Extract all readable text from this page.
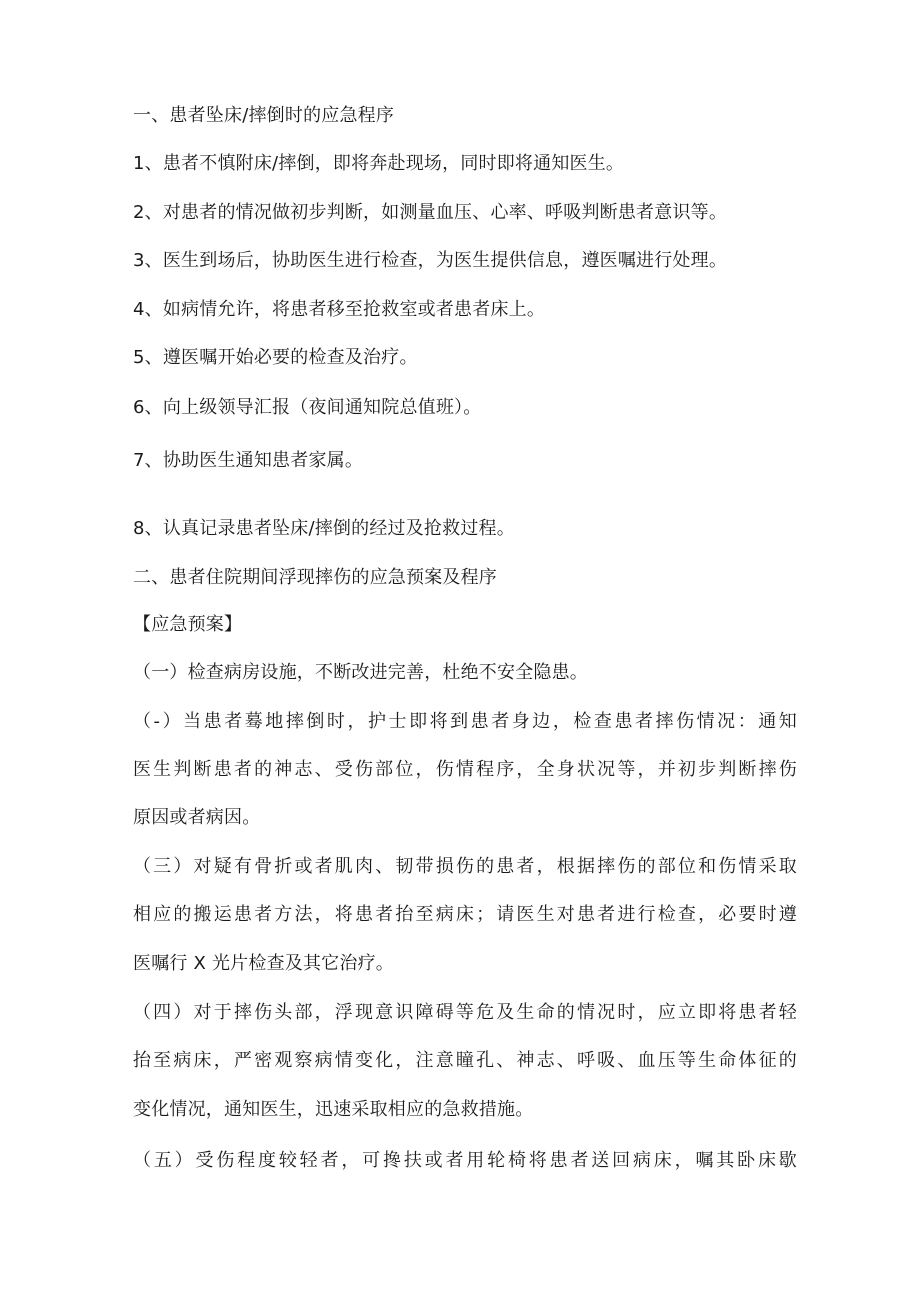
一、患者坠床/摔倒时的应急程序
1、患者不慎附床/摔倒，即将奔赴现场，同时即将通知医生。
2、对患者的情况做初步判断，如测量血压、心率、呼吸判断患者意识等。
3、医生到场后，协助医生进行检查，为医生提供信息，遵医嘱进行处理。
4、如病情允许，将患者移至抢救室或者患者床上。
5、遵医嘱开始必要的检查及治疗。
6、向上级领导汇报（夜间通知院总值班）。
7、协助医生通知患者家属。
8、认真记录患者坠床/摔倒的经过及抢救过程。
二、患者住院期间浮现摔伤的应急预案及程序
【应急预案】
（一）检查病房设施，不断改进完善，杜绝不安全隐患。
（-）当患者蓦地摔倒时，护士即将到患者身边，检查患者摔伤情况：通知
医生判断患者的神志、受伤部位，伤情程序，全身状况等，并初步判断摔伤
原因或者病因。
（三）对疑有骨折或者肌肉、韧带损伤的患者，根据摔伤的部位和伤情采取
相应的搬运患者方法，将患者抬至病床；请医生对患者进行检查，必要时遵
医嘱行 X 光片检查及其它治疗。
（四）对于摔伤头部，浮现意识障碍等危及生命的情况时，应立即将患者轻
抬至病床，严密观察病情变化，注意瞳孔、神志、呼吸、血压等生命体征的
变化情况，通知医生，迅速采取相应的急救措施。
（五）受伤程度较轻者，可搀扶或者用轮椅将患者送回病床，嘱其卧床歇
